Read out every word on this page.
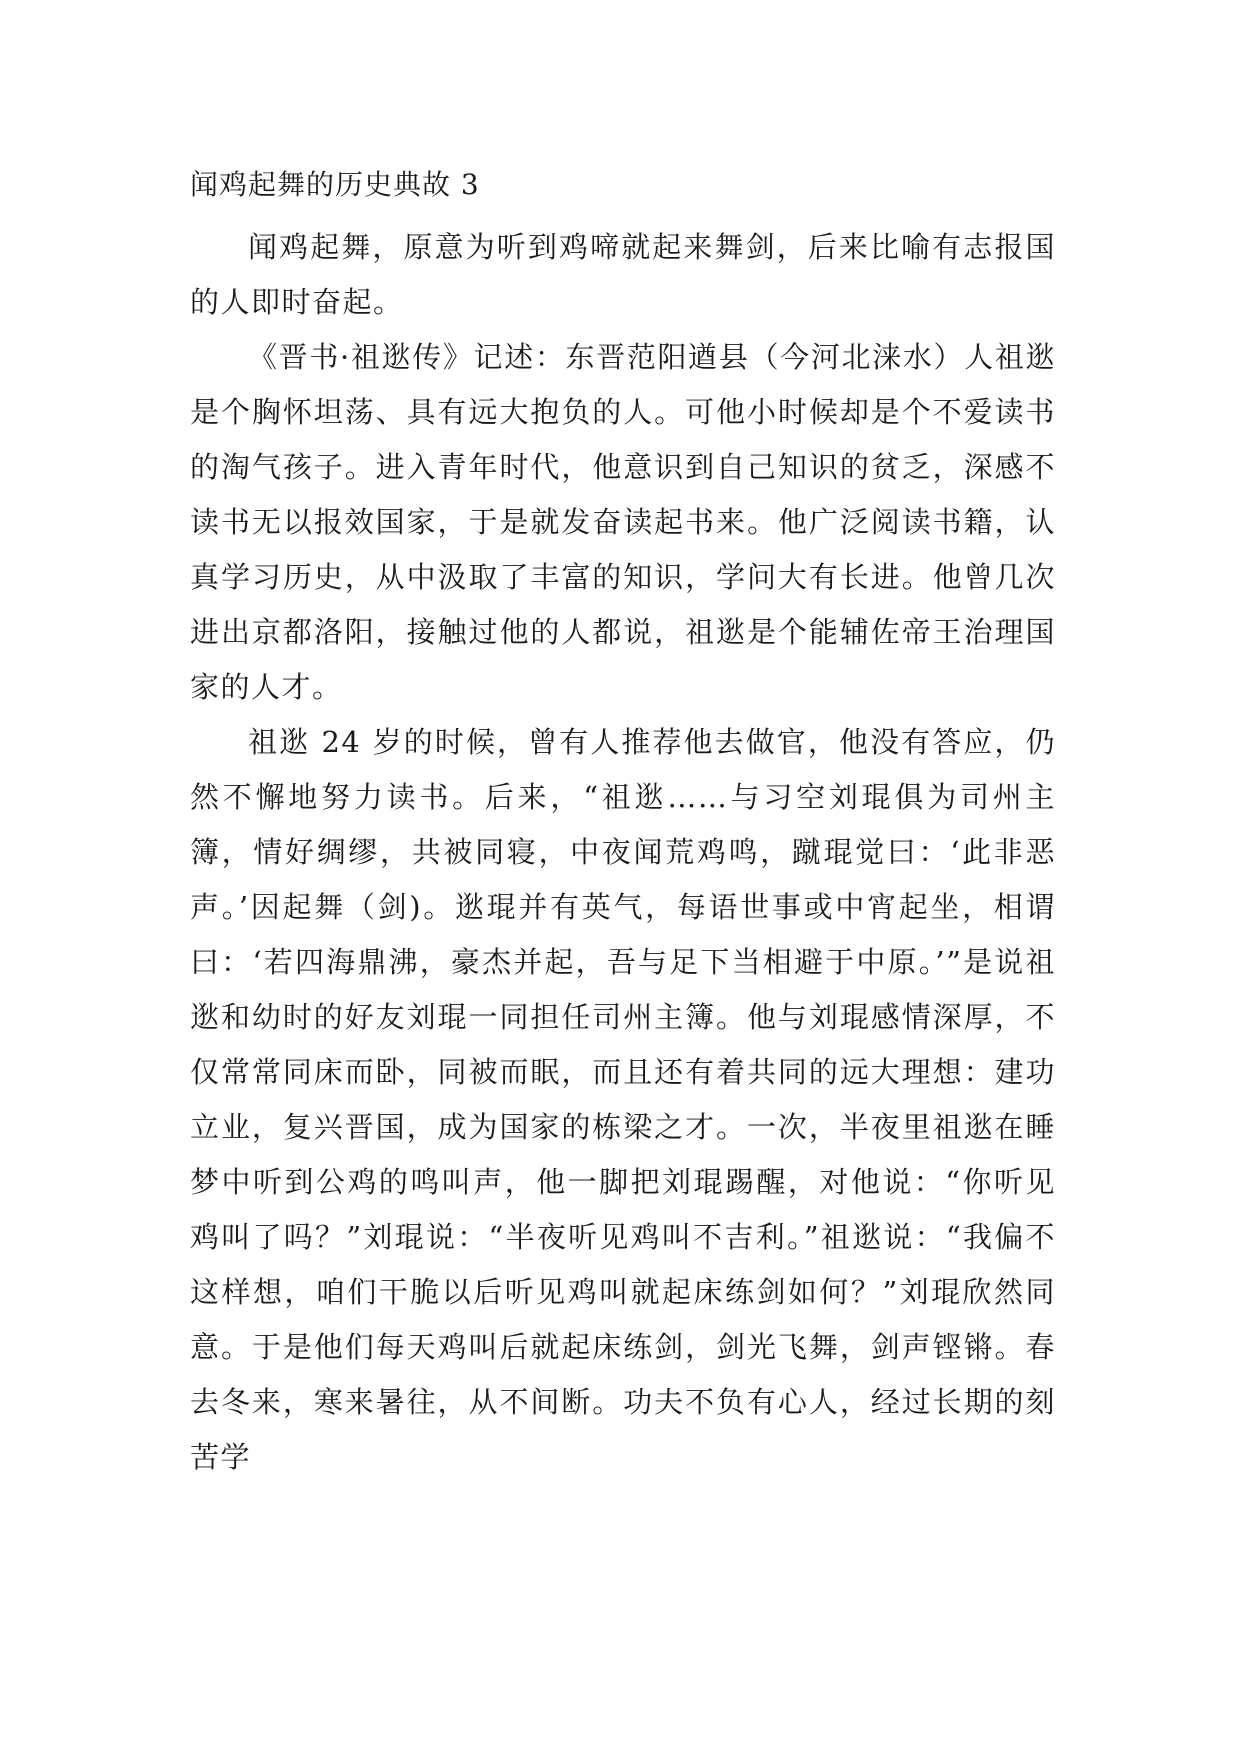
闻鸡起舞的历史典故 3

闻鸡起舞，原意为听到鸡啼就起来舞剑，后来比喻有志报国的人即时奋起。

《晋书·祖逖传》记述：东晋范阳遒县（今河北涞水）人祖逖是个胸怀坦荡、具有远大抱负的人。可他小时候却是个不爱读书的淘气孩子。进入青年时代，他意识到自己知识的贫乏，深感不读书无以报效国家，于是就发奋读起书来。他广泛阅读书籍，认真学习历史，从中汲取了丰富的知识，学问大有长进。他曾几次进出京都洛阳，接触过他的人都说，祖逖是个能辅佐帝王治理国家的人才。

祖逖 24 岁的时候，曾有人推荐他去做官，他没有答应，仍然不懈地努力读书。后来，“祖逖……与习空刘琨俱为司州主簿，情好绸缪，共被同寝，中夜闻荒鸡鸣，蹴琨觉曰：‘此非恶声。’因起舞（剑)。逖琨并有英气，每语世事或中宵起坐，相谓曰：‘若四海鼎沸，豪杰并起，吾与足下当相避于中原。’”是说祖逖和幼时的好友刘琨一同担任司州主簿。他与刘琨感情深厚，不仅常常同床而卧，同被而眠，而且还有着共同的远大理想：建功立业，复兴晋国，成为国家的栋梁之才。一次，半夜里祖逖在睡梦中听到公鸡的鸣叫声，他一脚把刘琨踢醒，对他说：“你听见鸡叫了吗？”刘琨说：“半夜听见鸡叫不吉利。”祖逖说：“我偏不这样想，咱们干脆以后听见鸡叫就起床练剑如何？”刘琨欣然同意。于是他们每天鸡叫后就起床练剑，剑光飞舞，剑声铿锵。春去冬来，寒来暑往，从不间断。功夫不负有心人，经过长期的刻苦学
